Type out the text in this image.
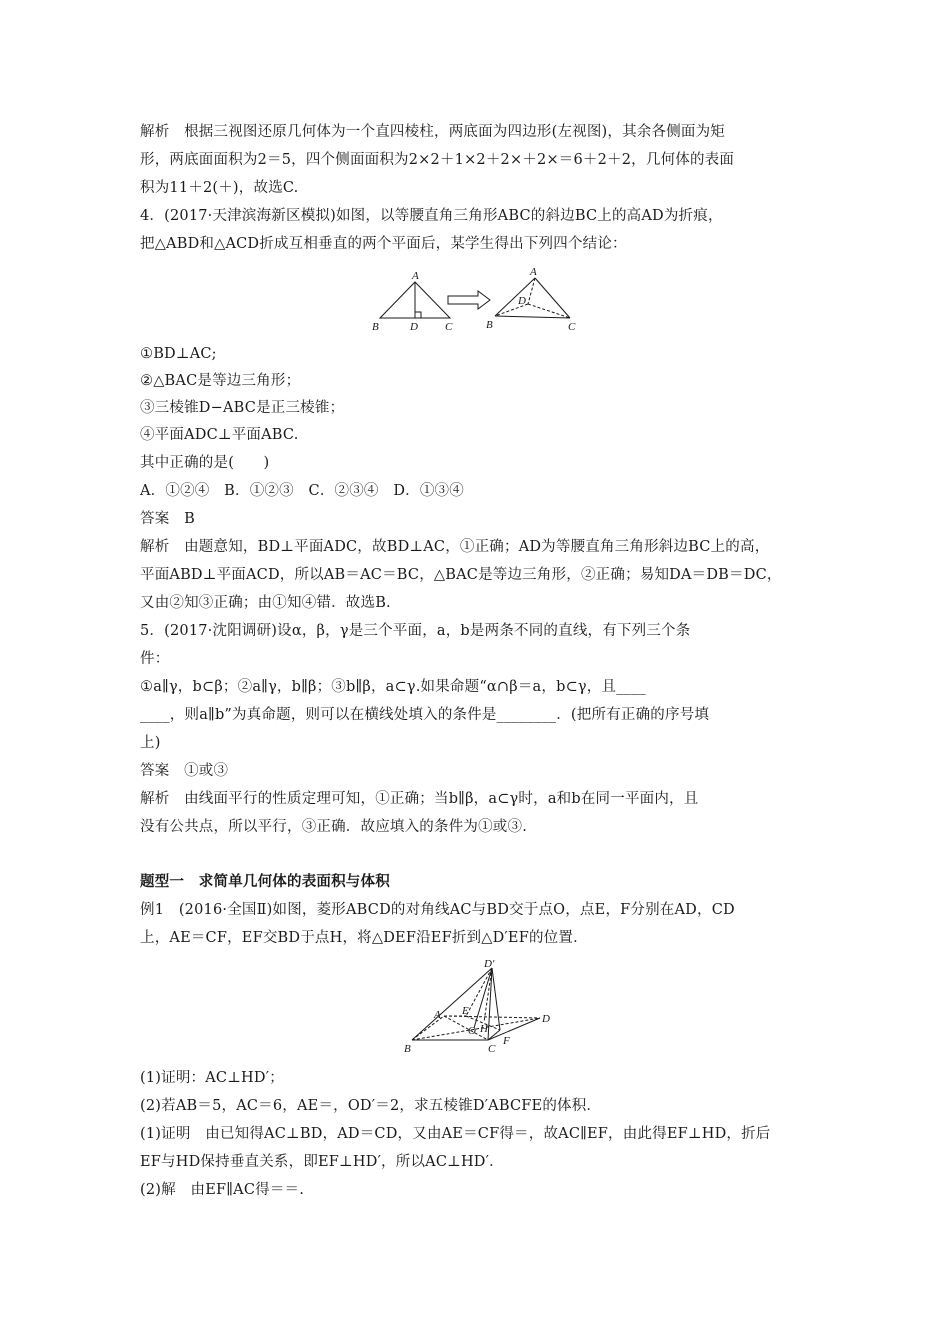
解析　根据三视图还原几何体为一个直四棱柱，两底面为四边形(左视图)，其余各侧面为矩
形，两底面面积为2＝5，四个侧面面积为2×2＋1×2＋2×＋2×＝6＋2＋2，几何体的表面
积为11＋2(＋)，故选C.
4．(2017·天津滨海新区模拟)如图，以等腰直角三角形ABC的斜边BC上的高AD为折痕，
把△ABD和△ACD折成互相垂直的两个平面后，某学生得出下列四个结论：
A
B	D C
A
D
B	C
①BD⊥AC;
②△BAC是等边三角形；
③三棱锥D−ABC是正三棱锥；
④平面ADC⊥平面ABC.
其中正确的是(　　)
A．①②④　B．①②③　C．②③④　D．①③④
答案　B
解析　由题意知，BD⊥平面ADC，故BD⊥AC，①正确；AD为等腰直角三角形斜边BC上的高，
平面ABD⊥平面ACD，所以AB＝AC＝BC，△BAC是等边三角形，②正确；易知DA＝DB＝DC，
又由②知③正确；由①知④错．故选B.
5．(2017·沈阳调研)设α，β，γ是三个平面，a，b是两条不同的直线，有下列三个条
件：
①a∥γ，b⊂β；②a∥γ，b∥β；③b∥β，a⊂γ.如果命题“α∩β＝a，b⊂γ，且____
____，则a∥b”为真命题，则可以在横线处填入的条件是________．(把所有正确的序号填
上)
答案　①或③
解析　由线面平行的性质定理可知，①正确；当b∥β，a⊂γ时，a和b在同一平面内，且
没有公共点，所以平行，③正确．故应填入的条件为①或③.
题型一　求简单几何体的表面积与体积
例1　(2016·全国Ⅱ)如图，菱形ABCD的对角线AC与BD交于点O，点E，F分别在AD，CD
上，AE＝CF，EF交BD于点H，将△DEF沿EF折到△D′EF的位置．
D′
A E
O H
D
B	C
F
(1)证明：AC⊥HD′；
(2)若AB＝5，AC＝6，AE＝，OD′＝2，求五棱锥D′ABCFE的体积．
(1)证明　由已知得AC⊥BD，AD＝CD，又由AE＝CF得＝，故AC∥EF，由此得EF⊥HD，折后
EF与HD保持垂直关系，即EF⊥HD′，所以AC⊥HD′．
(2)解　由EF∥AC得＝＝.
